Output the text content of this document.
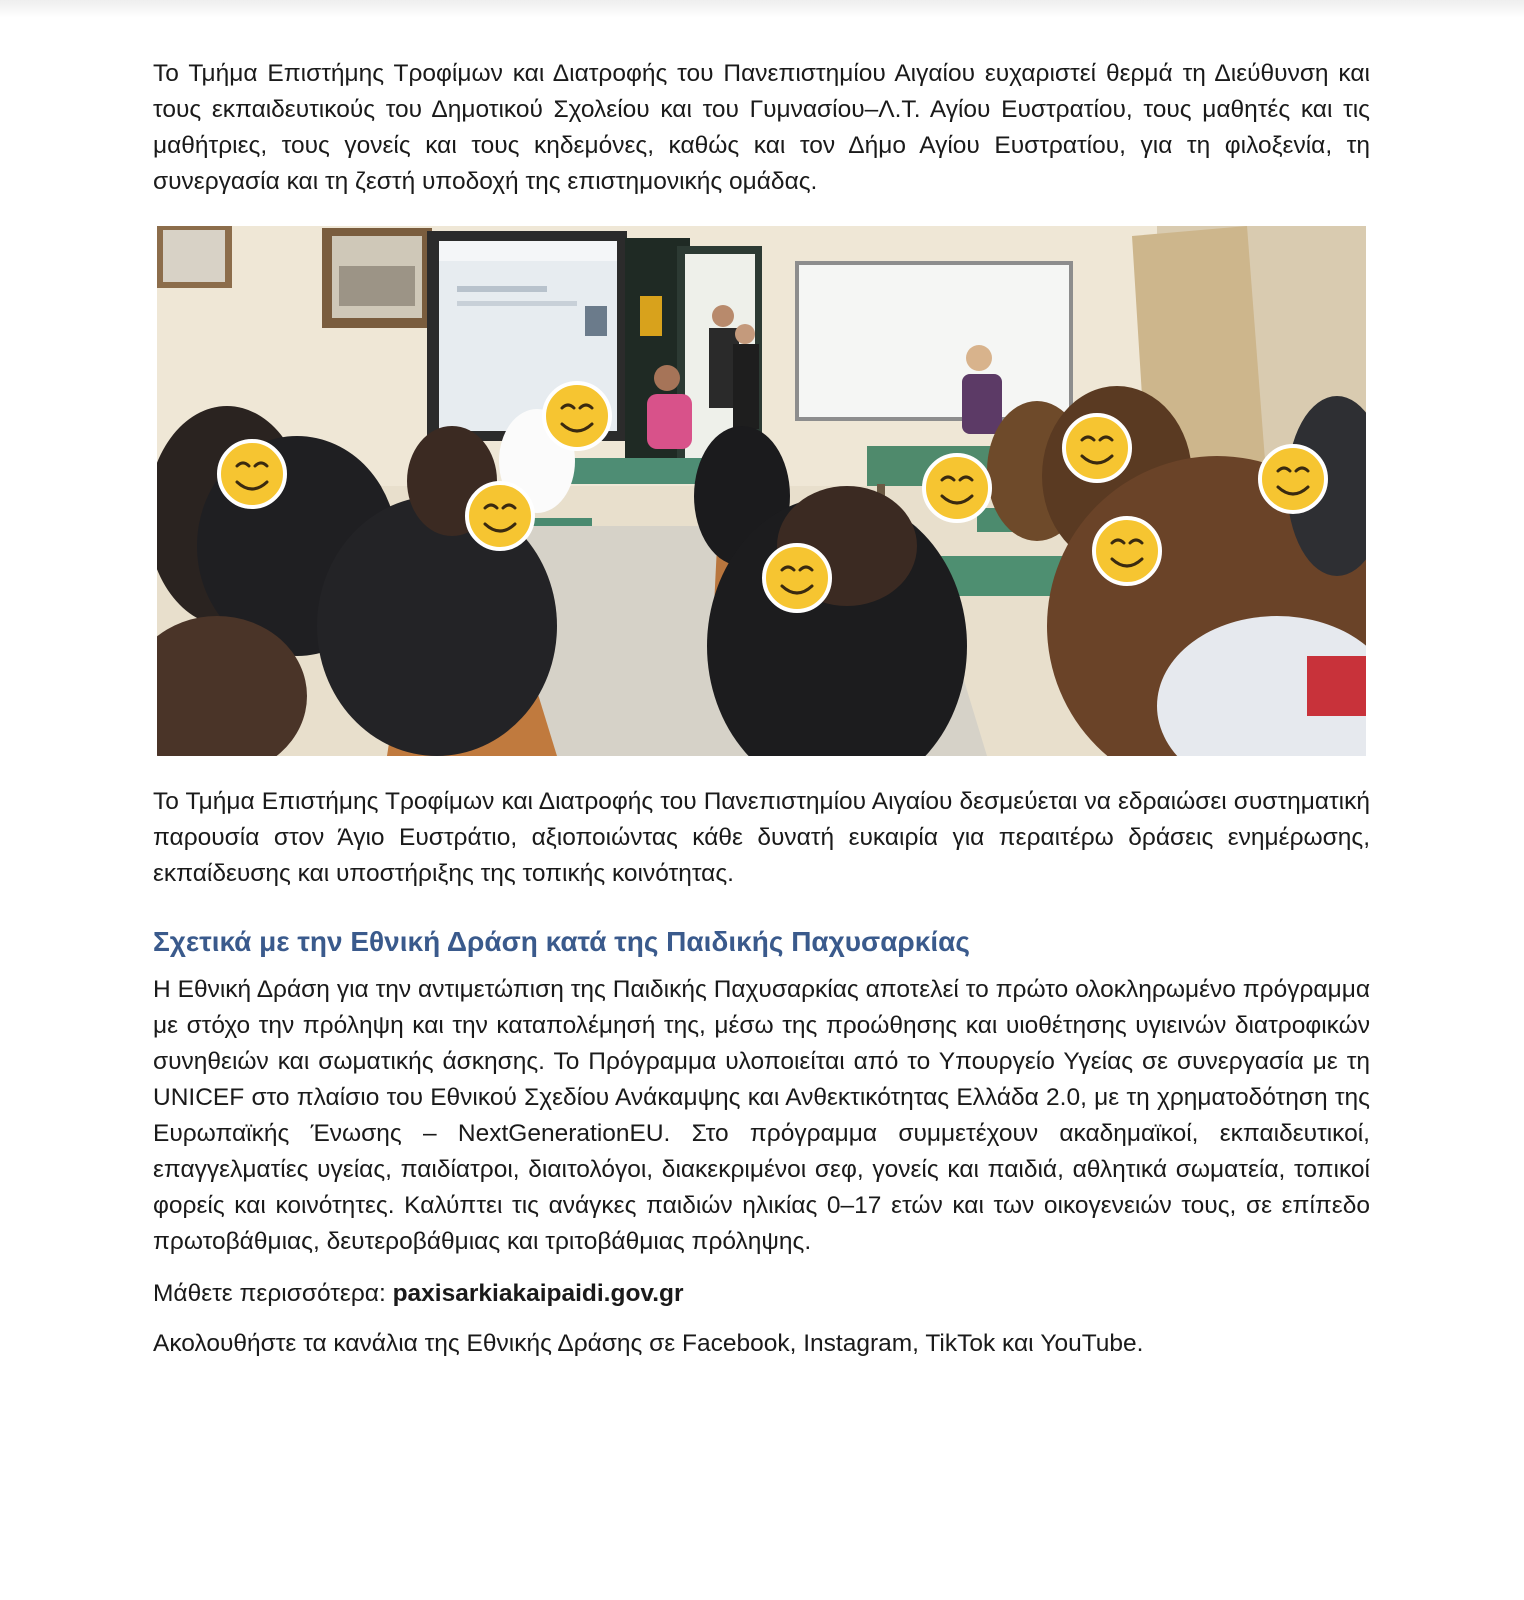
Το Τμήμα Επιστήμης Τροφίμων και Διατροφής του Πανεπιστημίου Αιγαίου ευχαριστεί θερμά τη Διεύθυνση και τους εκπαιδευτικούς του Δημοτικού Σχολείου και του Γυμνασίου–Λ.Τ. Αγίου Ευστρατίου, τους μαθητές και τις μαθήτριες, τους γονείς και τους κηδεμόνες, καθώς και τον Δήμο Αγίου Ευστρατίου, για τη φιλοξενία, τη συνεργασία και τη ζεστή υποδοχή της επιστημονικής ομάδας.

Το Τμήμα Επιστήμης Τροφίμων και Διατροφής του Πανεπιστημίου Αιγαίου δεσμεύεται να εδραιώσει συστηματική παρουσία στον Άγιο Ευστράτιο, αξιοποιώντας κάθε δυνατή ευκαιρία για περαιτέρω δράσεις ενημέρωσης, εκπαίδευσης και υποστήριξης της τοπικής κοινότητας.

Σχετικά με την Εθνική Δράση κατά της Παιδικής Παχυσαρκίας

Η Εθνική Δράση για την αντιμετώπιση της Παιδικής Παχυσαρκίας αποτελεί το πρώτο ολοκληρωμένο πρόγραμμα με στόχο την πρόληψη και την καταπολέμησή της, μέσω της προώθησης και υιοθέτησης υγιεινών διατροφικών συνηθειών και σωματικής άσκησης. Το Πρόγραμμα υλοποιείται από το Υπουργείο Υγείας σε συνεργασία με τη UNICEF στο πλαίσιο του Εθνικού Σχεδίου Ανάκαμψης και Ανθεκτικότητας Ελλάδα 2.0, με τη χρηματοδότηση της Ευρωπαϊκής Ένωσης – NextGenerationEU. Στο πρόγραμμα συμμετέχουν ακαδημαϊκοί, εκπαιδευτικοί, επαγγελματίες υγείας, παιδίατροι, διαιτολόγοι, διακεκριμένοι σεφ, γονείς και παιδιά, αθλητικά σωματεία, τοπικοί φορείς και κοινότητες. Καλύπτει τις ανάγκες παιδιών ηλικίας 0–17 ετών και των οικογενειών τους, σε επίπεδο πρωτοβάθμιας, δευτεροβάθμιας και τριτοβάθμιας πρόληψης.

Μάθετε περισσότερα: paxisarkiakaipaidi.gov.gr

Ακολουθήστε τα κανάλια της Εθνικής Δράσης σε Facebook, Instagram, TikTok και YouTube.
